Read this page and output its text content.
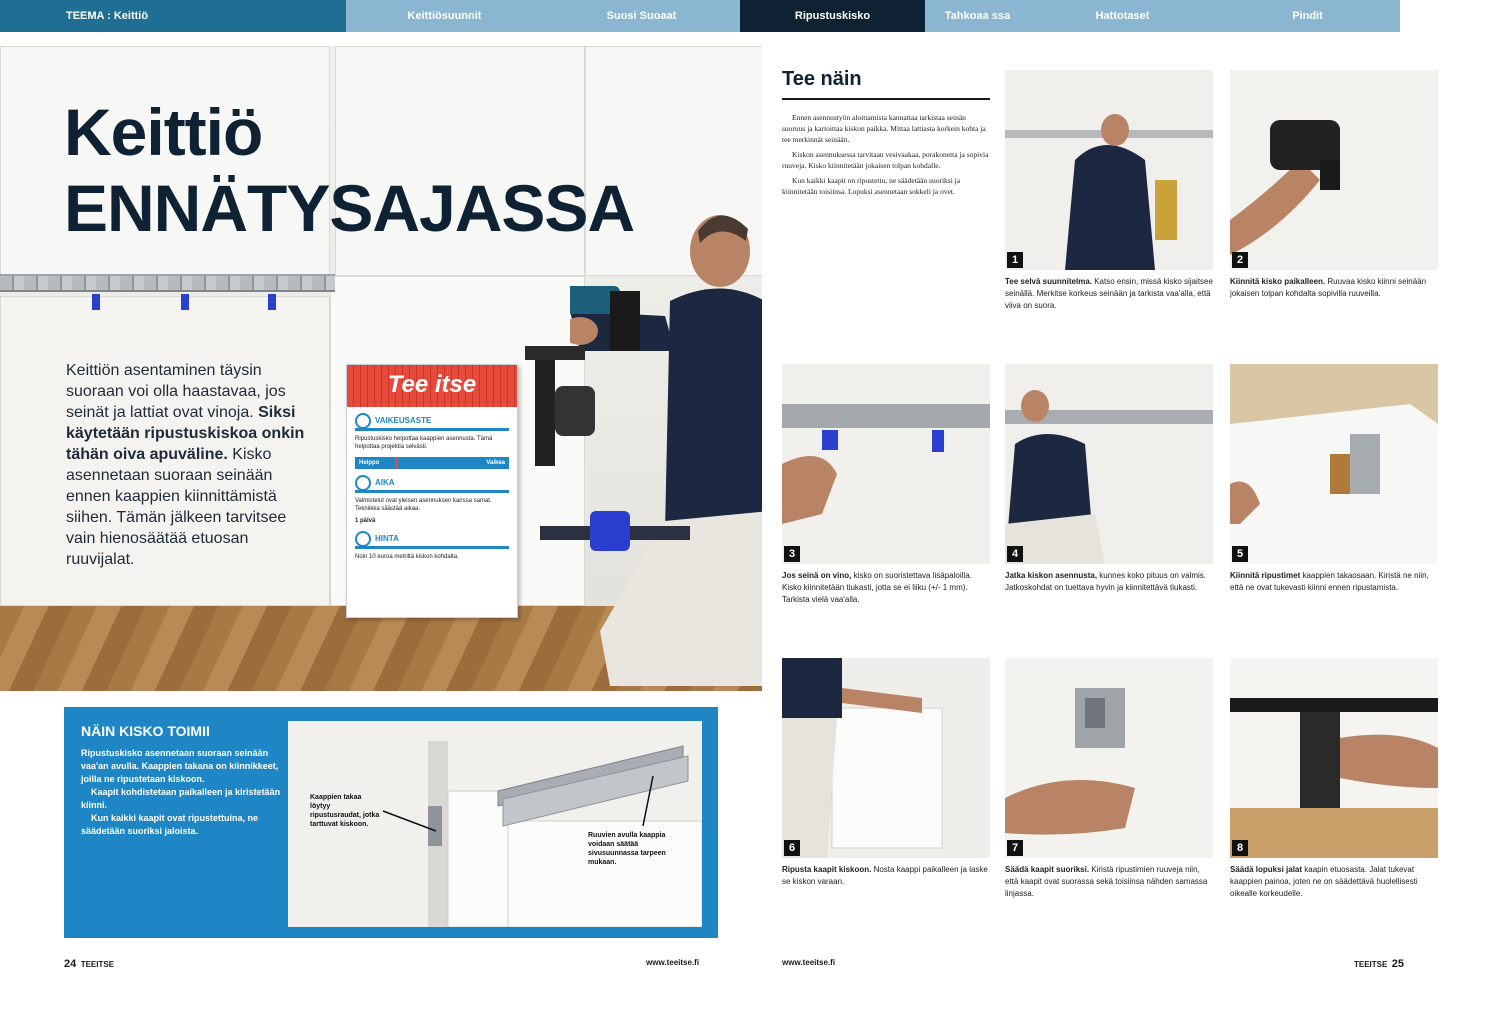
TEEMA : Keittiö	Keittiösuunnit	Suosi Suoaat	Ripustuskisko	Tahkoaa ssa	Hattotaset	Pindit
Keittiö
ENNÄTYSAJASSA
Keittiön asentaminen täysin suoraan voi olla haastavaa, jos seinät ja lattiat ovat vinoja. Siksi käytetään ripustuskiskoa onkin tähän oiva apuväline. Kisko asennetaan suoraan seinään ennen kaappien kiinnittämistä siihen. Tämän jälkeen tarvitsee vain hienosäätää etuosan ruuvijalat.
Tee itse
VAIKEUSASTE
Ripustuskisko helpottaa kaappien asennusta. Tämä helpottaa projektia selvästi.
Helppo	Vaikea
AIKA
Valmistelut ovat yleisen asennuksen kanssa samat. Tekniikka säästää aikaa.
1 päivä
HINTA
Noin 10 euroa metriltä kiskon kohdalta.
NÄIN KISKO TOIMII

Ripustuskisko asennetaan suoraan seinään vaa'an avulla. Kaappien takana on kiinnikkeet, joilla ne ripustetaan kiskoon.

Kaapit kohdistetaan paikalleen ja kiristetään kiinni.

Kun kaikki kaapit ovat ripustettuina, ne säädetään suoriksi jaloista.

Kaappien takaa löytyy ripustusraudat, jotka tarttuvat kiskoon.
Ruuvien avulla kaappia voidaan säätää sivusuunnassa tarpeen mukaan.
24 TEEITSE	www.teeitse.fi	www.teeitse.fi	TEEITSE 25
Tee näin

Ennen asennustyön aloittamista kannattaa tarkistaa seinän suoruus ja kartoittaa kiskon paikka. Mittaa lattiasta korkein kohta ja tee merkinnät seinään.

Kiskon asennuksessa tarvitaan vesivaakaa, porakonetta ja sopivia ruuveja. Kisko kiinnitetään jokaisen tolpan kohdalle.

Kun kaikki kaapit on ripustettu, ne säädetään suoriksi ja kiinnitetään toisiinsa. Lopuksi asennetaan sokkeli ja ovet.

1
Tee selvä suunnitelma. Katso ensin, missä kisko sijaitsee seinällä. Merkitse korkeus seinään ja tarkista vaa'alla, että viiva on suora.
2
Kiinnitä kisko paikalleen. Ruuvaa kisko kiinni seinään jokaisen tolpan kohdalta sopivilla ruuveilla.
3
Jos seinä on vino, kisko on suoristettava lisäpaloilla. Kisko kiinnitetään tiukasti, jotta se ei liiku (+/- 1 mm). Tarkista vielä vaa'alla.
4
Jatka kiskon asennusta, kunnes koko pituus on valmis. Jatkoskohdat on tuettava hyvin ja kiinnitettävä tiukasti.
5
Kiinnitä ripustimet kaappien takaosaan. Kiristä ne niin, että ne ovat tukevasti kiinni ennen ripustamista.
6
Ripusta kaapit kiskoon. Nosta kaappi paikalleen ja laske se kiskon varaan.
7
Säädä kaapit suoriksi. Kiristä ripustimien ruuveja niin, että kaapit ovat suorassa sekä toisiinsa nähden samassa linjassa.
8
Säädä lopuksi jalat kaapin etuosasta. Jalat tukevat kaappien painoa, joten ne on säädettävä huolellisesti oikealle korkeudelle.
